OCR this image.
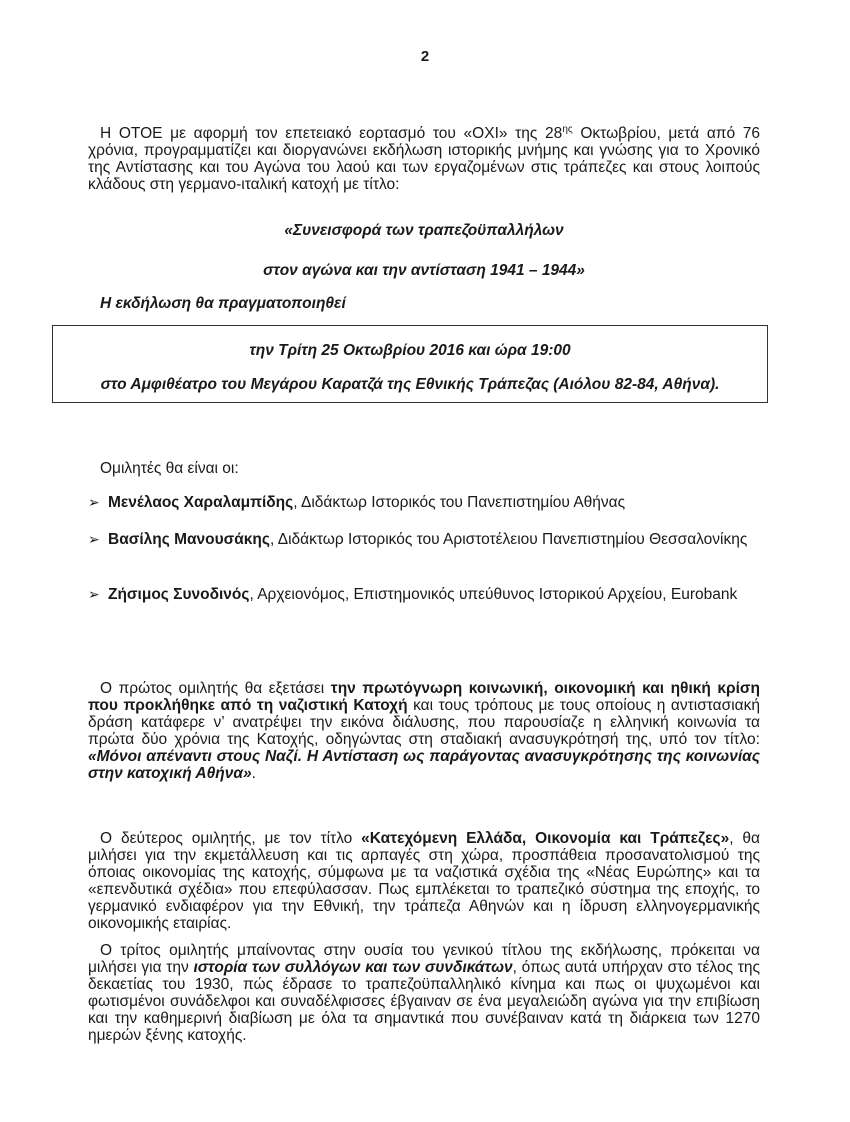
2
Η ΟΤΟΕ με αφορμή τον επετειακό εορτασμό του «ΟΧΙ» της $28^{\eta\varsigma}$ Οκτωβρίου, μετά από 76 χρόνια, προγραμματίζει και διοργανώνει εκδήλωση ιστορικής μνήμης και γνώσης για το Χρονικό της Αντίστασης και του Αγώνα του λαού και των εργαζομένων στις τράπεζες και στους λοιπούς κλάδους στη γερμανο-ιταλική κατοχή με τίτλο:
«Συνεισφορά των τραπεζοϋπαλλήλων
στον αγώνα και την αντίσταση 1941 – 1944»
Η εκδήλωση θα πραγματοποιηθεί
την Τρίτη 25 Οκτωβρίου 2016 και ώρα 19:00
στο Αμφιθέατρο του Μεγάρου Καρατζά της Εθνικής Τράπεζας (Αιόλου 82-84, Αθήνα).
Ομιλητές θα είναι οι:
➢ Μενέλαος Χαραλαμπίδης, Διδάκτωρ Ιστορικός του Πανεπιστημίου Αθήνας
➢ Βασίλης Μανουσάκης, Διδάκτωρ Ιστορικός του Αριστοτέλειου Πανεπιστημίου Θεσσαλονίκης
➢ Ζήσιμος Συνοδινός, Αρχειονόμος, Επιστημονικός υπεύθυνος Ιστορικού Αρχείου, Eurobank
Ο πρώτος ομιλητής θα εξετάσει την πρωτόγνωρη κοινωνική, οικονομική και ηθική κρίση που προκλήθηκε από τη ναζιστική Κατοχή και τους τρόπους με τους οποίους η αντιστασιακή δράση κατάφερε ν’ ανατρέψει την εικόνα διάλυσης, που παρουσίαζε η ελληνική κοινωνία τα πρώτα δύο χρόνια της Κατοχής, οδηγώντας στη σταδιακή ανασυγκρότησή της, υπό τον τίτλο: «Μόνοι απέναντι στους Ναζί. Η Αντίσταση ως παράγοντας ανασυγκρότησης της κοινωνίας στην κατοχική Αθήνα».
Ο δεύτερος ομιλητής, με τον τίτλο «Κατεχόμενη Ελλάδα, Οικονομία και Τράπεζες», θα μιλήσει για την εκμετάλλευση και τις αρπαγές στη χώρα, προσπάθεια προσανατολισμού της όποιας οικονομίας της κατοχής, σύμφωνα με τα ναζιστικά σχέδια της «Νέας Ευρώπης» και τα «επενδυτικά σχέδια» που επεφύλασσαν. Πως εμπλέκεται το τραπεζικό σύστημα της εποχής, το γερμανικό ενδιαφέρον για την Εθνική, την τράπεζα Αθηνών και η ίδρυση ελληνογερμανικής οικονομικής εταιρίας.
Ο τρίτος ομιλητής μπαίνοντας στην ουσία του γενικού τίτλου της εκδήλωσης, πρόκειται να μιλήσει για την ιστορία των συλλόγων και των συνδικάτων, όπως αυτά υπήρχαν στο τέλος της δεκαετίας του 1930, πώς έδρασε το τραπεζοϋπαλληλικό κίνημα και πως οι ψυχωμένοι και φωτισμένοι συνάδελφοι και συναδέλφισσες έβγαιναν σε ένα μεγαλειώδη αγώνα για την επιβίωση και την καθημερινή διαβίωση με όλα τα σημαντικά που συνέβαιναν κατά τη διάρκεια των 1270 ημερών ξένης κατοχής.
